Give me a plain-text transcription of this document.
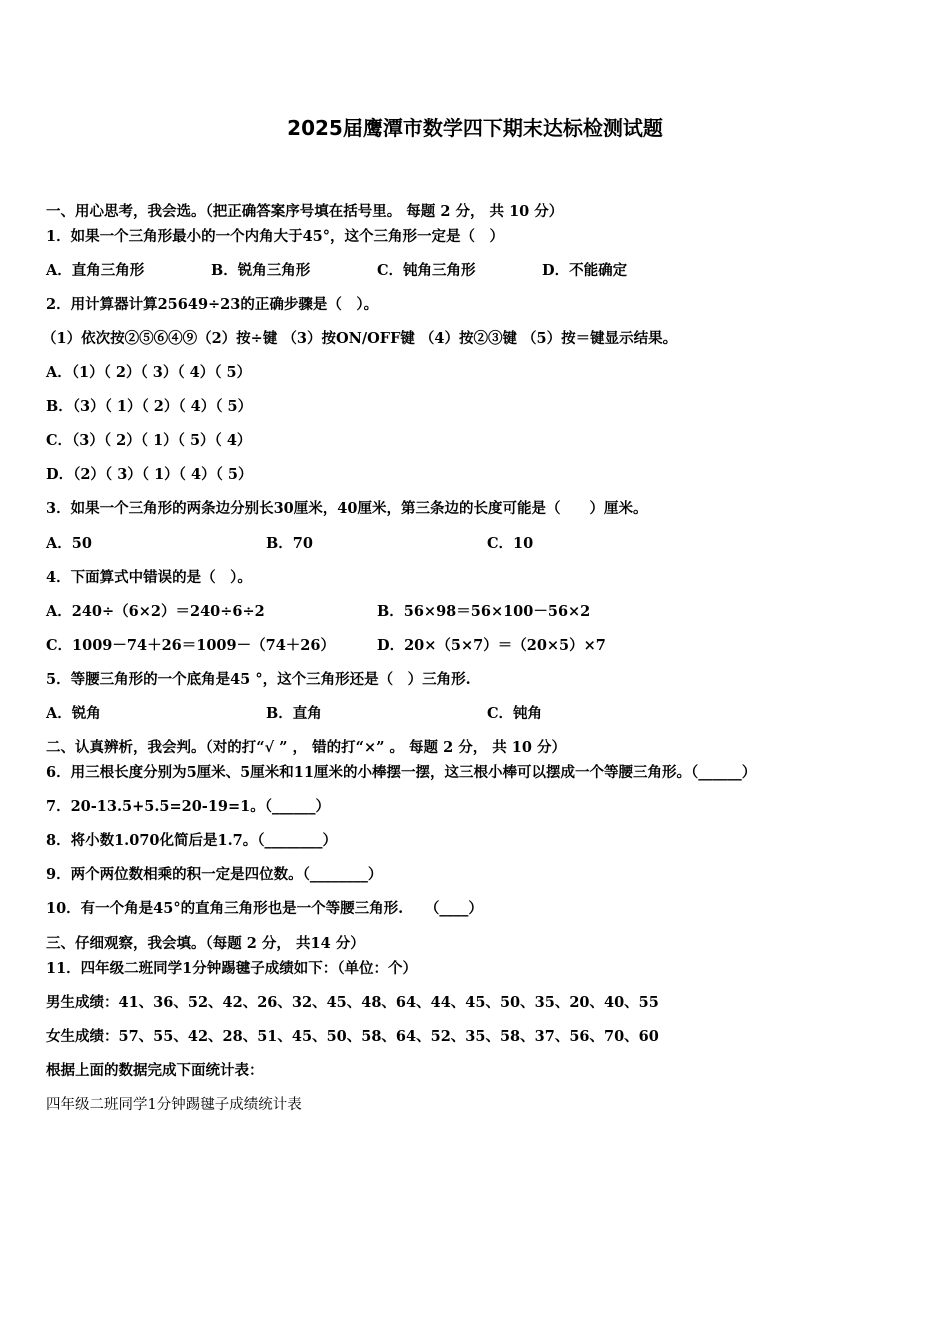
2025届鹰潭市数学四下期末达标检测试题
一、用心思考，我会选。（把正确答案序号填在括号里。 每题 2 分， 共 10 分）
1．如果一个三角形最小的一个内角大于45°，这个三角形一定是（　）
A．直角三角形	B．锐角三角形	C．钝角三角形	D．不能确定
2．用计算器计算25649÷23的正确步骤是（　）。
（1）依次按②⑤⑥④⑨（2）按÷键 （3）按ON/OFF键 （4）按②③键 （5）按＝键显示结果。
A．（1）（ 2）（ 3）（ 4）（ 5）
B．（3）（ 1）（ 2）（ 4）（ 5）
C．（3）（ 2）（ 1）（ 5）（ 4）
D．（2）（ 3）（ 1）（ 4）（ 5）
3．如果一个三角形的两条边分别长30厘米，40厘米，第三条边的长度可能是（　　）厘米。
A．50	B．70	C．10
4．下面算式中错误的是（　）。
A．240÷（6×2）＝240÷6÷2	B．56×98＝56×100－56×2
C．1009－74＋26＝1009－（74＋26）	D．20×（5×7）＝（20×5）×7
5．等腰三角形的一个底角是45 °，这个三角形还是（　）三角形.
A．锐角	B．直角	C．钝角
二、认真辨析，我会判。（对的打“√ ” ， 错的打“×” 。 每题 2 分， 共 10 分）
6．用三根长度分别为5厘米、5厘米和11厘米的小棒摆一摆，这三根小棒可以摆成一个等腰三角形。（______）
7．20-13.5+5.5=20-19=1。（______）
8．将小数1.070化简后是1.7。（________）
9．两个两位数相乘的积一定是四位数。（________）
10．有一个角是45°的直角三角形也是一个等腰三角形.　　（____）
三、仔细观察，我会填。（每题 2 分， 共14 分）
11．四年级二班同学1分钟踢毽子成绩如下：（单位：个）
男生成绩：41、36、52、42、26、32、45、48、64、44、45、50、35、20、40、55
女生成绩：57、55、42、28、51、45、50、58、64、52、35、58、37、56、70、60
根据上面的数据完成下面统计表：
四年级二班同学1分钟踢毽子成绩统计表
